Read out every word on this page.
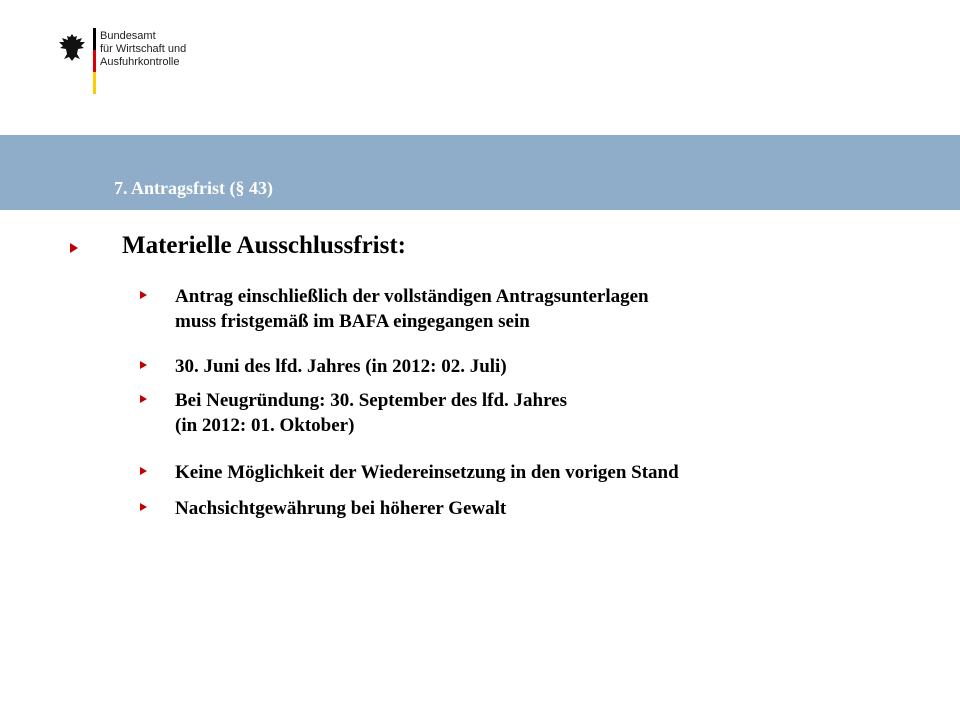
Bundesamt
für Wirtschaft und
Ausfuhrkontrolle
7. Antragsfrist (§ 43)
Materielle Ausschlussfrist:
Antrag einschließlich der vollständigen Antragsunterlagen
muss fristgemäß im BAFA eingegangen sein
30. Juni des lfd. Jahres (in 2012: 02. Juli)
Bei Neugründung: 30. September des lfd. Jahres
(in 2012: 01. Oktober)
Keine Möglichkeit der Wiedereinsetzung in den vorigen Stand
Nachsichtgewährung bei höherer Gewalt
